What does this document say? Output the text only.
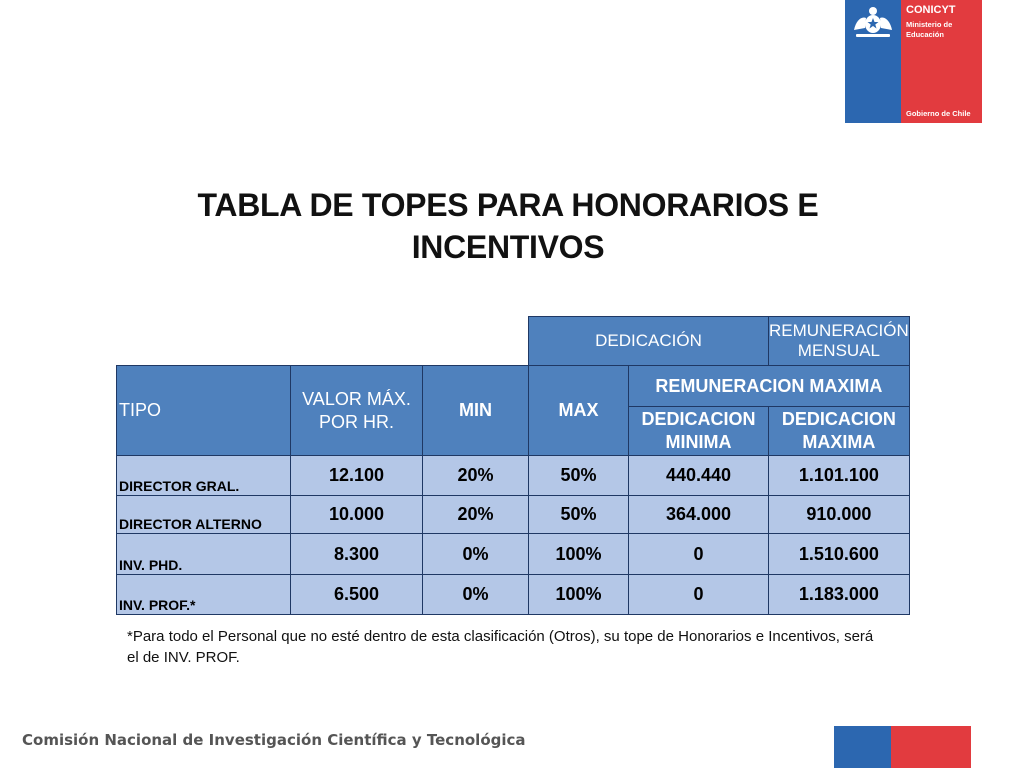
CONICYT
Ministerio de Educación
Gobierno de Chile
TABLA DE TOPES PARA HONORARIOS E INCENTIVOS
			DEDICACIÓN		REMUNERACIÓN MENSUAL
TIPO	VALOR MÁX. POR HR.	MIN	MAX	REMUNERACION MAXIMA	
				DEDICACION MINIMA	DEDICACION MAXIMA
DIRECTOR GRAL.	12.100	20%	50%	440.440	1.101.100
DIRECTOR ALTERNO	10.000	20%	50%	364.000	910.000
INV. PHD.	8.300	0%	100%	0	1.510.600
INV. PROF.*	6.500	0%	100%	0	1.183.000
*Para todo el Personal que no esté dentro de esta clasificación (Otros), su tope de Honorarios e Incentivos, será el de INV. PROF.
Comisión Nacional de Investigación Científica y Tecnológica
